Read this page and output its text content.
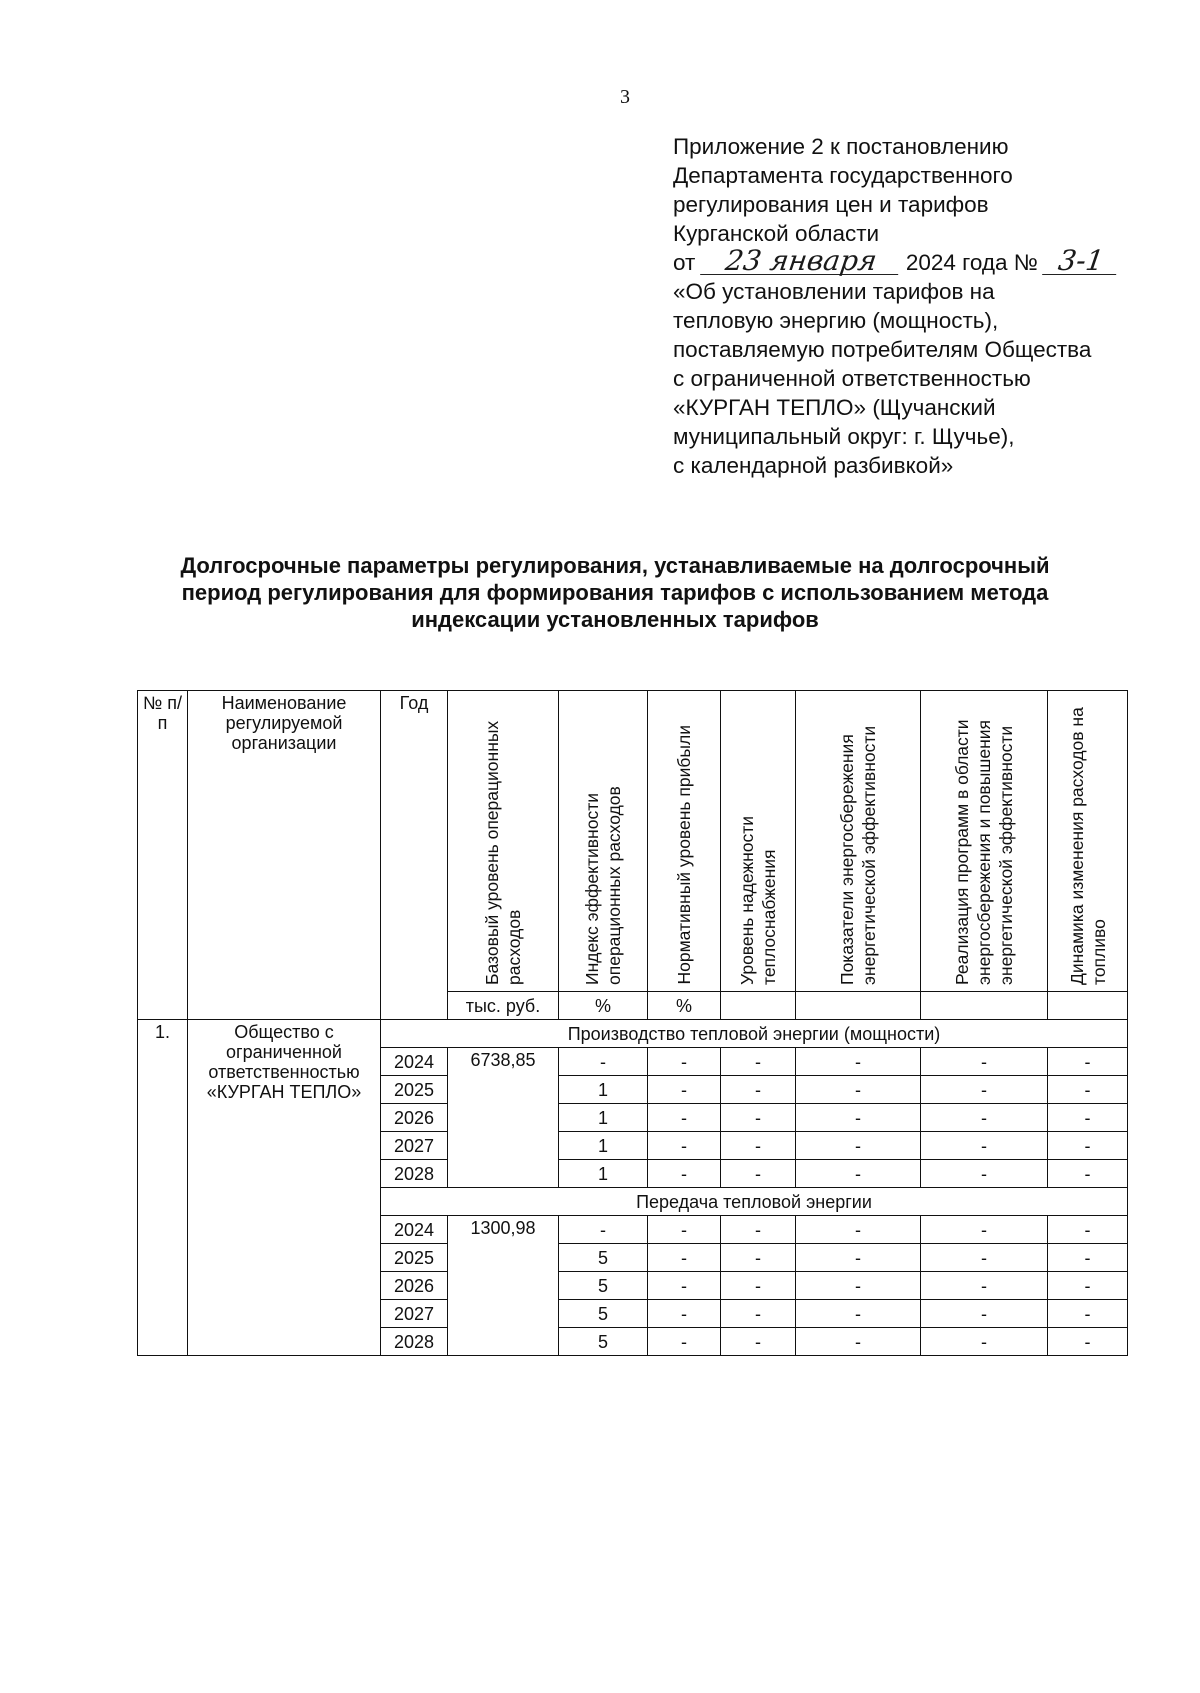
3
Приложение 2 к постановлению
Департамента государственного
регулирования цен и тарифов
Курганской области
от 23 января 2024 года № 3-1
«Об установлении тарифов на
тепловую энергию (мощность),
поставляемую потребителям Общества
с ограниченной ответственностью
«КУРГАН ТЕПЛО» (Щучанский
муниципальный округ: г. Щучье),
с календарной разбивкой»
Долгосрочные параметры регулирования, устанавливаемые на долгосрочный
период регулирования для формирования тарифов с использованием метода
индексации установленных тарифов
№ п/п	Наименование регулируемой организации	Год	Базовый уровень операционных расходов	Индекс эффективности операционных расходов	Нормативный уровень прибыли	Уровень надежности теплоснабжения	Показатели энергосбережения энергетической эффективности	Реализация программ в области энергосбережения и повышения энергетической эффективности	Динамика изменения расходов на топливо

			тыс. руб.	%	%				
1.	Общество с ограниченной ответственностью «КУРГАН ТЕПЛО»	Производство тепловой энергии (мощности)							
		2024	6738,85	-	-	-	-	-	-
		2025		1	-	-	-	-	-
		2026		1	-	-	-	-	-
		2027		1	-	-	-	-	-
		2028		1	-	-	-	-	-
		Передача тепловой энергии							
		2024	1300,98	-	-	-	-	-	-
		2025		5	-	-	-	-	-
		2026		5	-	-	-	-	-
		2027		5	-	-	-	-	-
		2028		5	-	-	-	-	-
